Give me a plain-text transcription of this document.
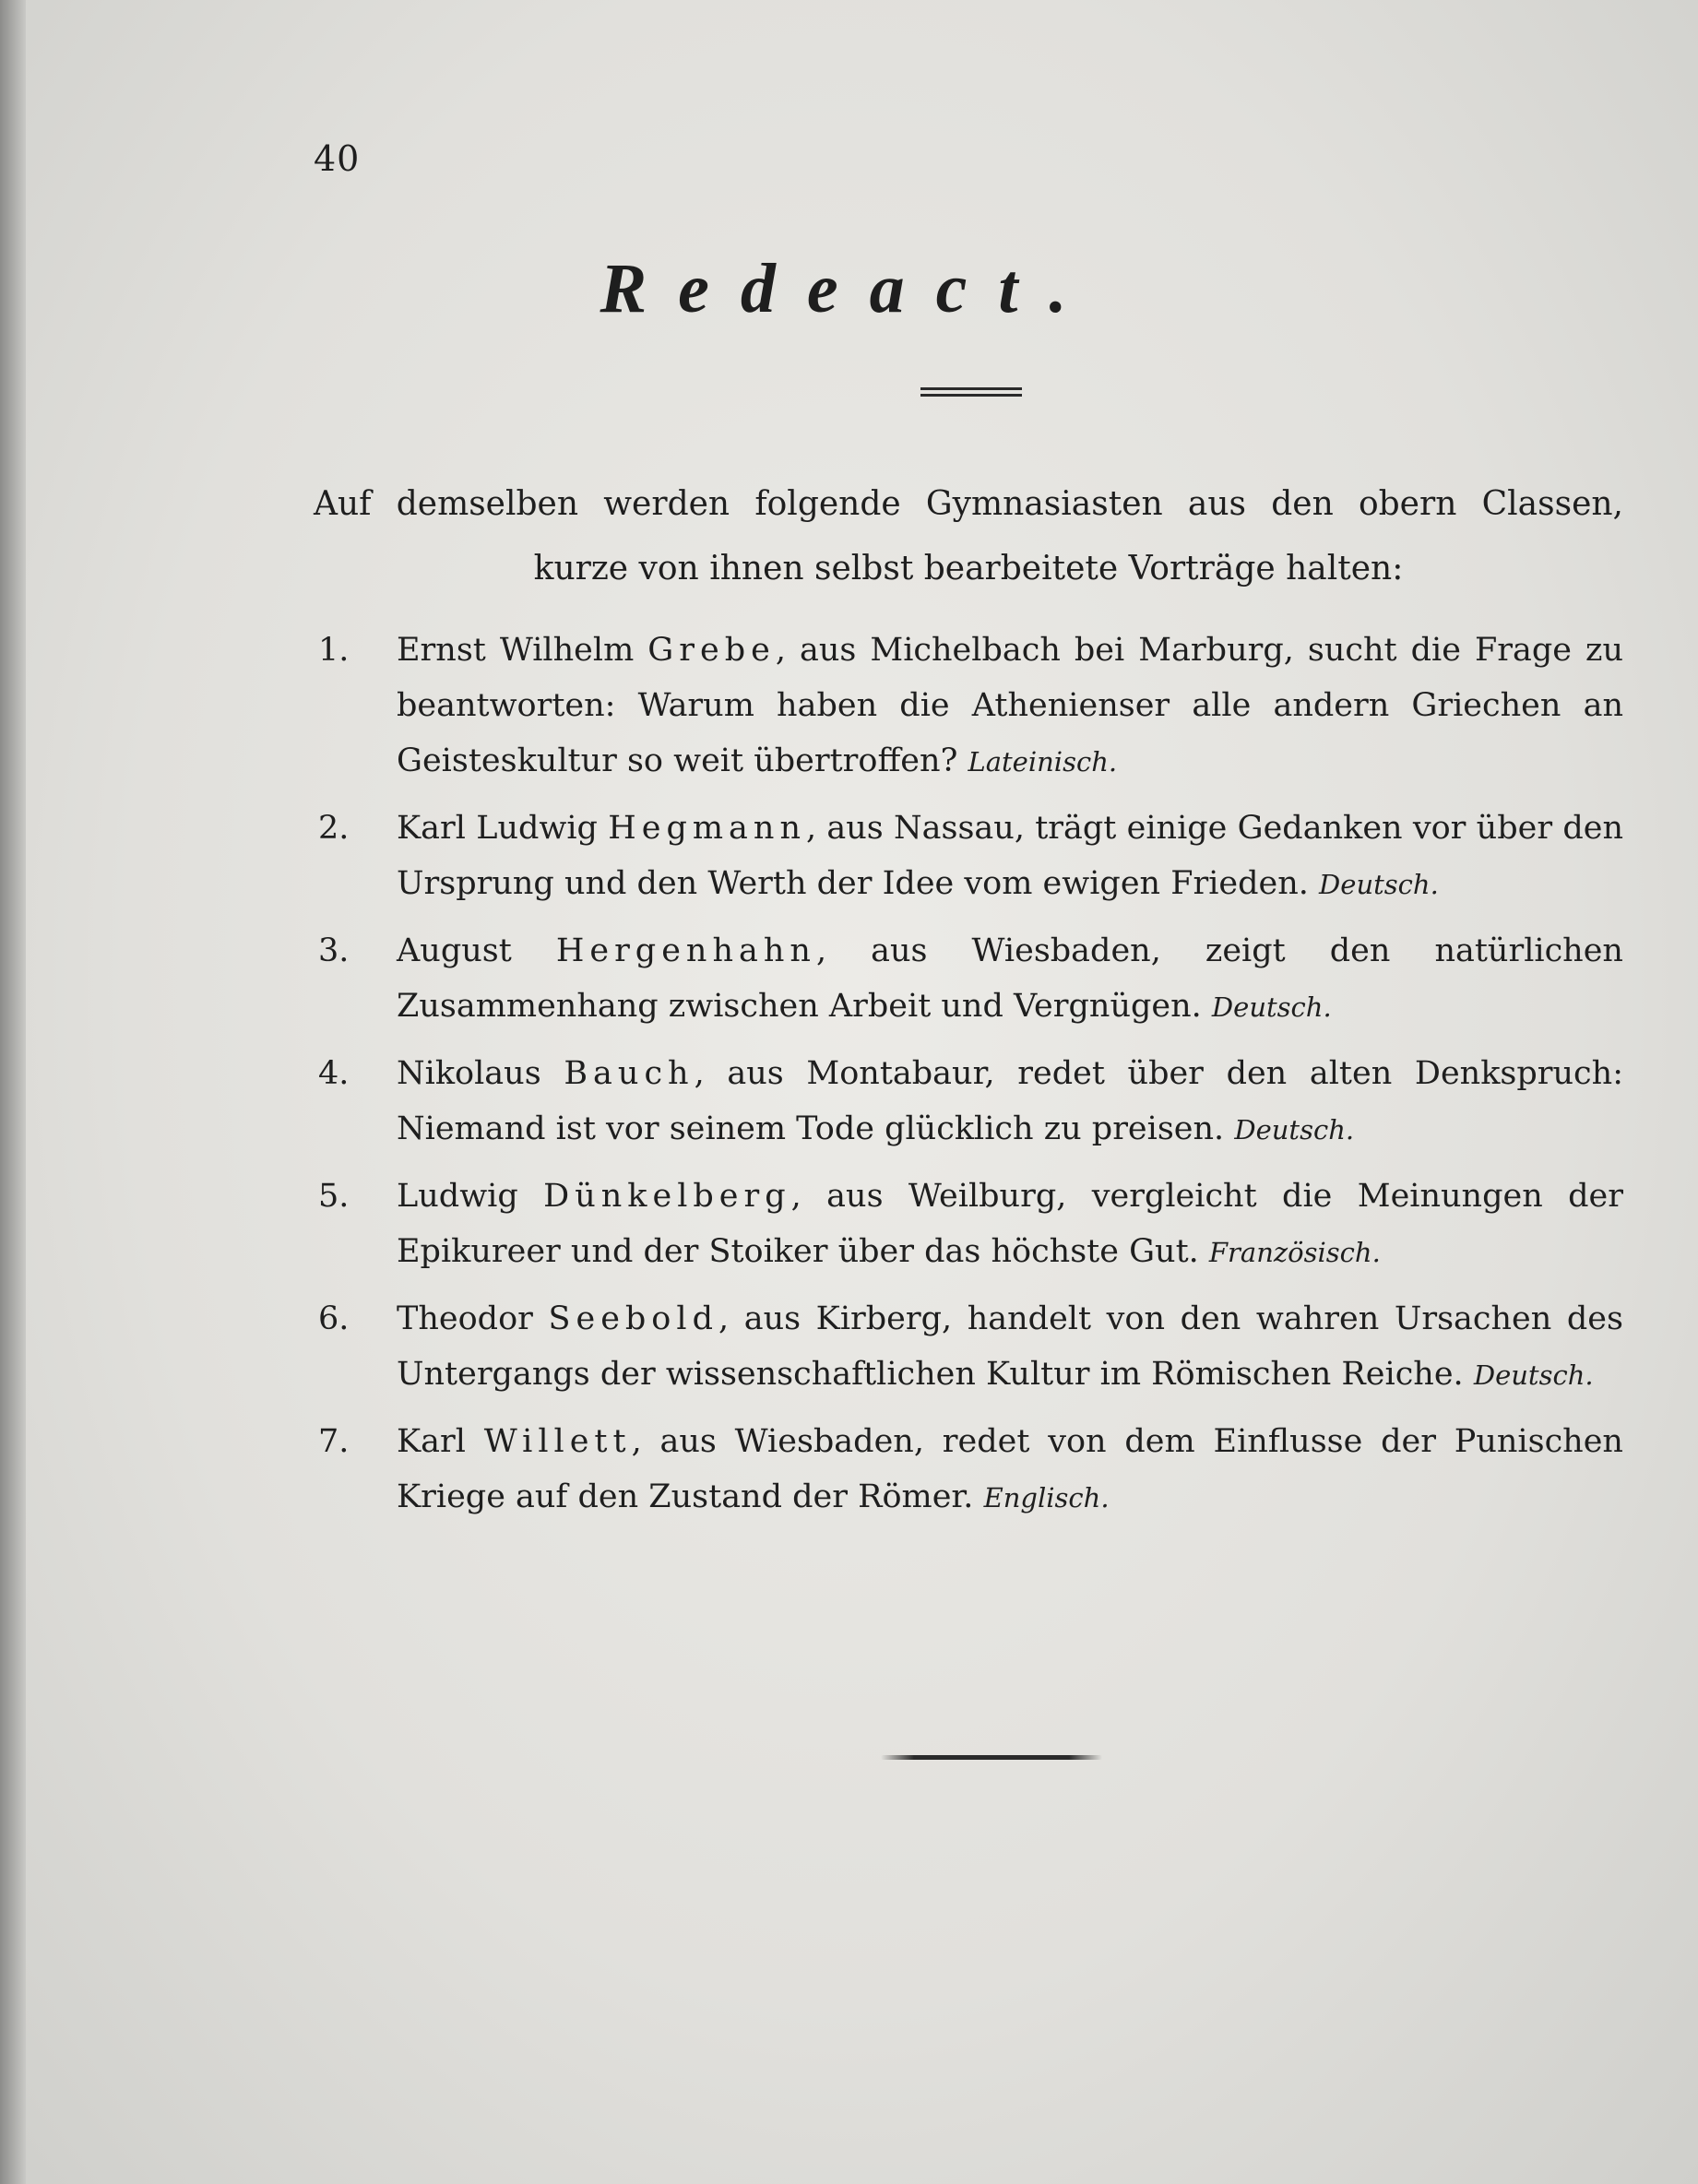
40
Redeact.
Auf demselben werden folgende Gymnasiasten aus den obern Classen,
kurze von ihnen selbst bearbeitete Vorträge halten:
1. Ernst Wilhelm Grebe, aus Michelbach bei Marburg, sucht die Frage zu beantworten: Warum haben die Athenienser alle andern Griechen an Geisteskultur so weit übertroffen? Lateinisch.
2. Karl Ludwig Hegmann, aus Nassau, trägt einige Gedanken vor über den Ursprung und den Werth der Idee vom ewigen Frieden. Deutsch.
3. August Hergenhahn, aus Wiesbaden, zeigt den natürlichen Zusammenhang zwischen Arbeit und Vergnügen. Deutsch.
4. Nikolaus Bauch, aus Montabaur, redet über den alten Denkspruch: Niemand ist vor seinem Tode glücklich zu preisen. Deutsch.
5. Ludwig Dünkelberg, aus Weilburg, vergleicht die Meinungen der Epikureer und der Stoiker über das höchste Gut. Französisch.
6. Theodor Seebold, aus Kirberg, handelt von den wahren Ursachen des Untergangs der wissenschaftlichen Kultur im Römischen Reiche. Deutsch.
7. Karl Willett, aus Wiesbaden, redet von dem Einflusse der Punischen Kriege auf den Zustand der Römer. Englisch.
